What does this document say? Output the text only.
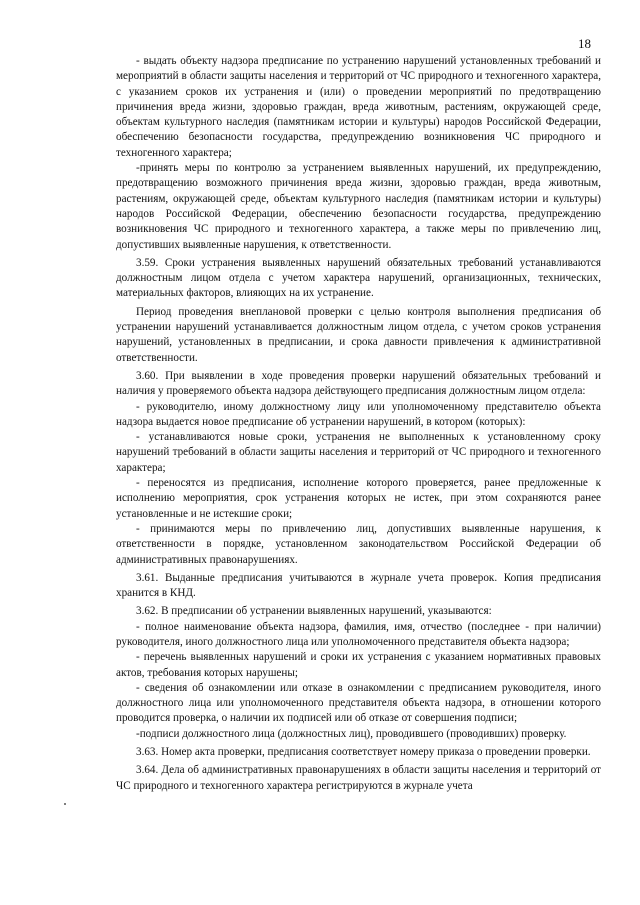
18

- выдать объекту надзора предписание по устранению нарушений установленных требований и мероприятий в области защиты населения и территорий от ЧС природного и техногенного характера, с указанием сроков их устранения и (или) о проведении мероприятий по предотвращению причинения вреда жизни, здоровью граждан, вреда животным, растениям, окружающей среде, объектам культурного наследия (памятникам истории и культуры) народов Российской Федерации, обеспечению безопасности государства, предупреждению возникновения ЧС природного и техногенного характера;

-принять меры по контролю за устранением выявленных нарушений, их предупреждению, предотвращению возможного причинения вреда жизни, здоровью граждан, вреда животным, растениям, окружающей среде, объектам культурного наследия (памятникам истории и культуры) народов Российской Федерации, обеспечению безопасности государства, предупреждению возникновения ЧС природного и техногенного характера, а также меры по привлечению лиц, допустивших выявленные нарушения, к ответственности.

3.59. Сроки устранения выявленных нарушений обязательных требований устанавливаются должностным лицом отдела с учетом характера нарушений, организационных, технических, материальных факторов, влияющих на их устранение.

Период проведения внеплановой проверки с целью контроля выполнения предписания об устранении нарушений устанавливается должностным лицом отдела, с учетом сроков устранения нарушений, установленных в предписании, и срока давности привлечения к административной ответственности.

3.60. При выявлении в ходе проведения проверки нарушений обязательных требований и наличия у проверяемого объекта надзора действующего предписания должностным лицом отдела:

- руководителю, иному должностному лицу или уполномоченному представителю объекта надзора выдается новое предписание об устранении нарушений, в котором (которых):

- устанавливаются новые сроки, устранения не выполненных к установленному сроку нарушений требований в области защиты населения и территорий от ЧС природного и техногенного характера;

- переносятся из предписания, исполнение которого проверяется, ранее предложенные к исполнению мероприятия, срок устранения которых не истек, при этом сохраняются ранее установленные и не истекшие сроки;

- принимаются меры по привлечению лиц, допустивших выявленные нарушения, к ответственности в порядке, установленном законодательством Российской Федерации об административных правонарушениях.

3.61. Выданные предписания учитываются в журнале учета проверок. Копия предписания хранится в КНД.

3.62. В предписании об устранении выявленных нарушений, указываются:

- полное наименование объекта надзора, фамилия, имя, отчество (последнее - при наличии) руководителя, иного должностного лица или уполномоченного представителя объекта надзора;

- перечень выявленных нарушений и сроки их устранения с указанием нормативных правовых актов, требования которых нарушены;

- сведения об ознакомлении или отказе в ознакомлении с предписанием руководителя, иного должностного лица или уполномоченного представителя объекта надзора, в отношении которого проводится проверка, о наличии их подписей или об отказе от совершения подписи;

-подписи должностного лица (должностных лиц), проводившего (проводивших) проверку.

3.63. Номер акта проверки, предписания соответствует номеру приказа о проведении проверки.

3.64. Дела об административных правонарушениях в области защиты населения и территорий от ЧС природного и техногенного характера регистрируются в журнале учета
